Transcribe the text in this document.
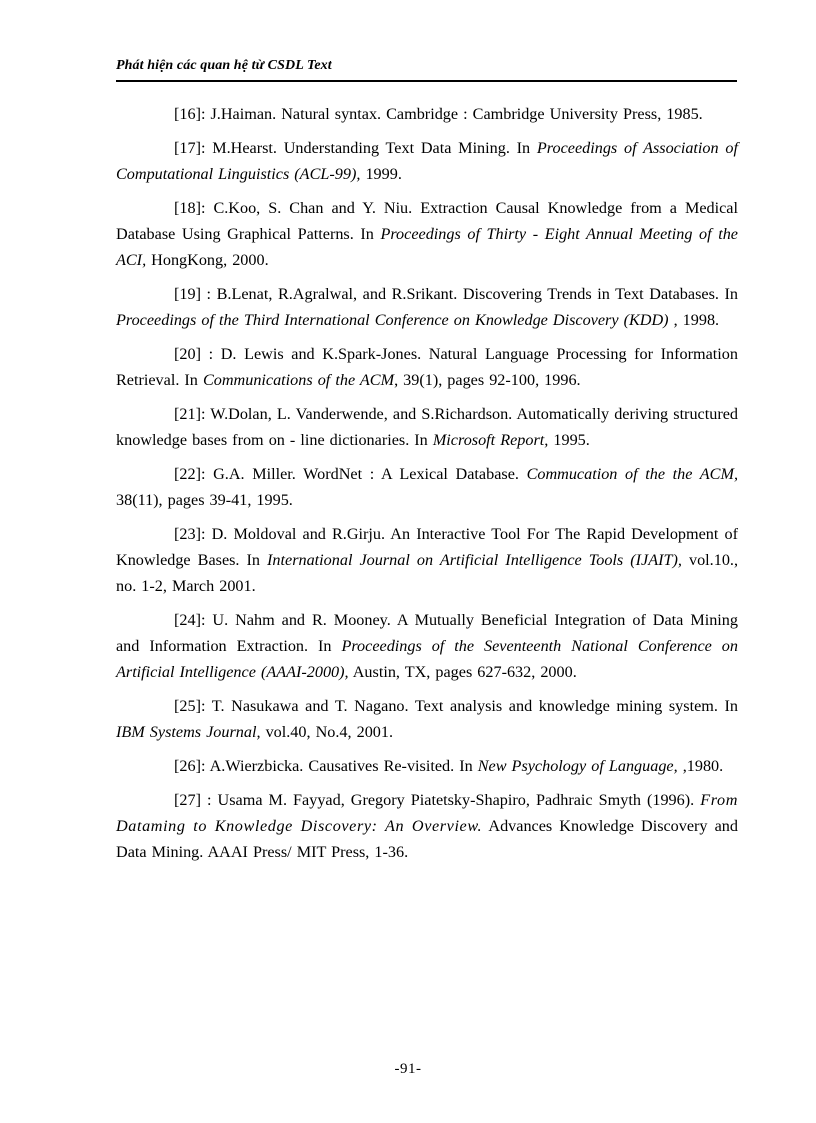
Phát hiện các quan hệ từ CSDL Text

[16]: J.Haiman. Natural syntax. Cambridge : Cambridge University Press, 1985.

[17]: M.Hearst. Understanding Text Data Mining. In Proceedings of Association of Computational Linguistics (ACL-99), 1999.

[18]: C.Koo, S. Chan and Y. Niu. Extraction Causal Knowledge from a Medical Database Using Graphical Patterns. In Proceedings of Thirty - Eight Annual Meeting of the ACI, HongKong, 2000.

[19] : B.Lenat, R.Agralwal, and R.Srikant. Discovering Trends in Text Databases. In Proceedings of the Third International Conference on Knowledge Discovery (KDD) , 1998.

[20] : D. Lewis and K.Spark-Jones. Natural Language Processing for Information Retrieval. In Communications of the ACM, 39(1), pages 92-100, 1996.

[21]: W.Dolan, L. Vanderwende, and S.Richardson. Automatically deriving structured knowledge bases from on - line dictionaries. In Microsoft Report, 1995.

[22]: G.A. Miller. WordNet : A Lexical Database. Commucation of the the ACM, 38(11), pages 39-41, 1995.

[23]: D. Moldoval and R.Girju. An Interactive Tool For The Rapid Development of Knowledge Bases. In International Journal on Artificial Intelligence Tools (IJAIT), vol.10., no. 1-2, March 2001.

[24]: U. Nahm and R. Mooney. A Mutually Beneficial Integration of Data Mining and Information Extraction. In Proceedings of the Seventeenth National Conference on Artificial Intelligence (AAAI-2000), Austin, TX, pages 627-632, 2000.

[25]: T. Nasukawa and T. Nagano. Text analysis and knowledge mining system. In IBM Systems Journal, vol.40, No.4, 2001.

[26]: A.Wierzbicka. Causatives Re-visited. In New Psychology of Language, ,1980.

[27] : Usama M. Fayyad, Gregory Piatetsky-Shapiro, Padhraic Smyth (1996). From Dataming to Knowledge Discovery: An Overview. Advances Knowledge Discovery and Data Mining. AAAI Press/ MIT Press, 1-36.

-91-
